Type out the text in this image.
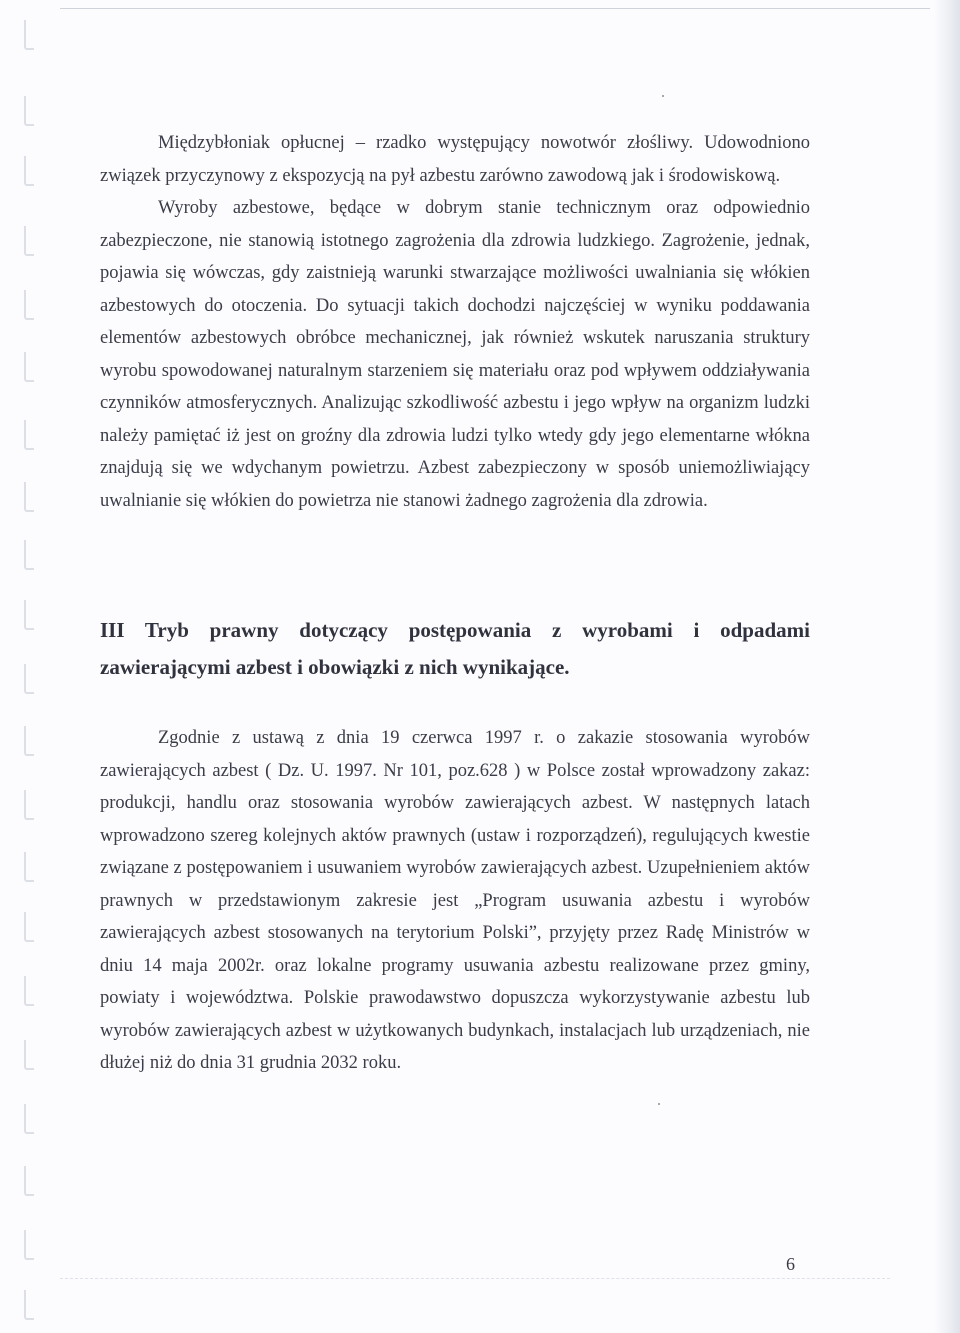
Międzybłoniak opłucnej – rzadko występujący nowotwór złośliwy. Udowodniono związek przyczynowy z ekspozycją na pył azbestu zarówno zawodową jak i środowiskową.

Wyroby azbestowe, będące w dobrym stanie technicznym oraz odpowiednio zabezpieczone, nie stanowią istotnego zagrożenia dla zdrowia ludzkiego. Zagrożenie, jednak, pojawia się wówczas, gdy zaistnieją warunki stwarzające możliwości uwalniania się włókien azbestowych do otoczenia. Do sytuacji takich dochodzi najczęściej w wyniku poddawania elementów azbestowych obróbce mechanicznej, jak również wskutek naruszania struktury wyrobu spowodowanej naturalnym starzeniem się materiału oraz pod wpływem oddziaływania czynników atmosferycznych. Analizując szkodliwość azbestu i jego wpływ na organizm ludzki należy pamiętać iż jest on groźny dla zdrowia ludzi tylko wtedy gdy jego elementarne włókna znajdują się we wdychanym powietrzu. Azbest zabezpieczony w sposób uniemożliwiający uwalnianie się włókien do powietrza nie stanowi żadnego zagrożenia dla zdrowia.

III Tryb prawny dotyczący postępowania z wyrobami i odpadami zawierającymi azbest i obowiązki z nich wynikające.

Zgodnie z ustawą z dnia 19 czerwca 1997 r. o zakazie stosowania wyrobów zawierających azbest ( Dz. U. 1997. Nr 101, poz.628 ) w Polsce został wprowadzony zakaz: produkcji, handlu oraz stosowania wyrobów zawierających azbest. W następnych latach wprowadzono szereg kolejnych aktów prawnych (ustaw i rozporządzeń), regulujących kwestie związane z postępowaniem i usuwaniem wyrobów zawierających azbest. Uzupełnieniem aktów prawnych w przedstawionym zakresie jest „Program usuwania azbestu i wyrobów zawierających azbest stosowanych na terytorium Polski”, przyjęty przez Radę Ministrów w dniu 14 maja 2002r. oraz lokalne programy usuwania azbestu realizowane przez gminy, powiaty i województwa. Polskie prawodawstwo dopuszcza wykorzystywanie azbestu lub wyrobów zawierających azbest w użytkowanych budynkach, instalacjach lub urządzeniach, nie dłużej niż do dnia 31 grudnia 2032 roku.

6
